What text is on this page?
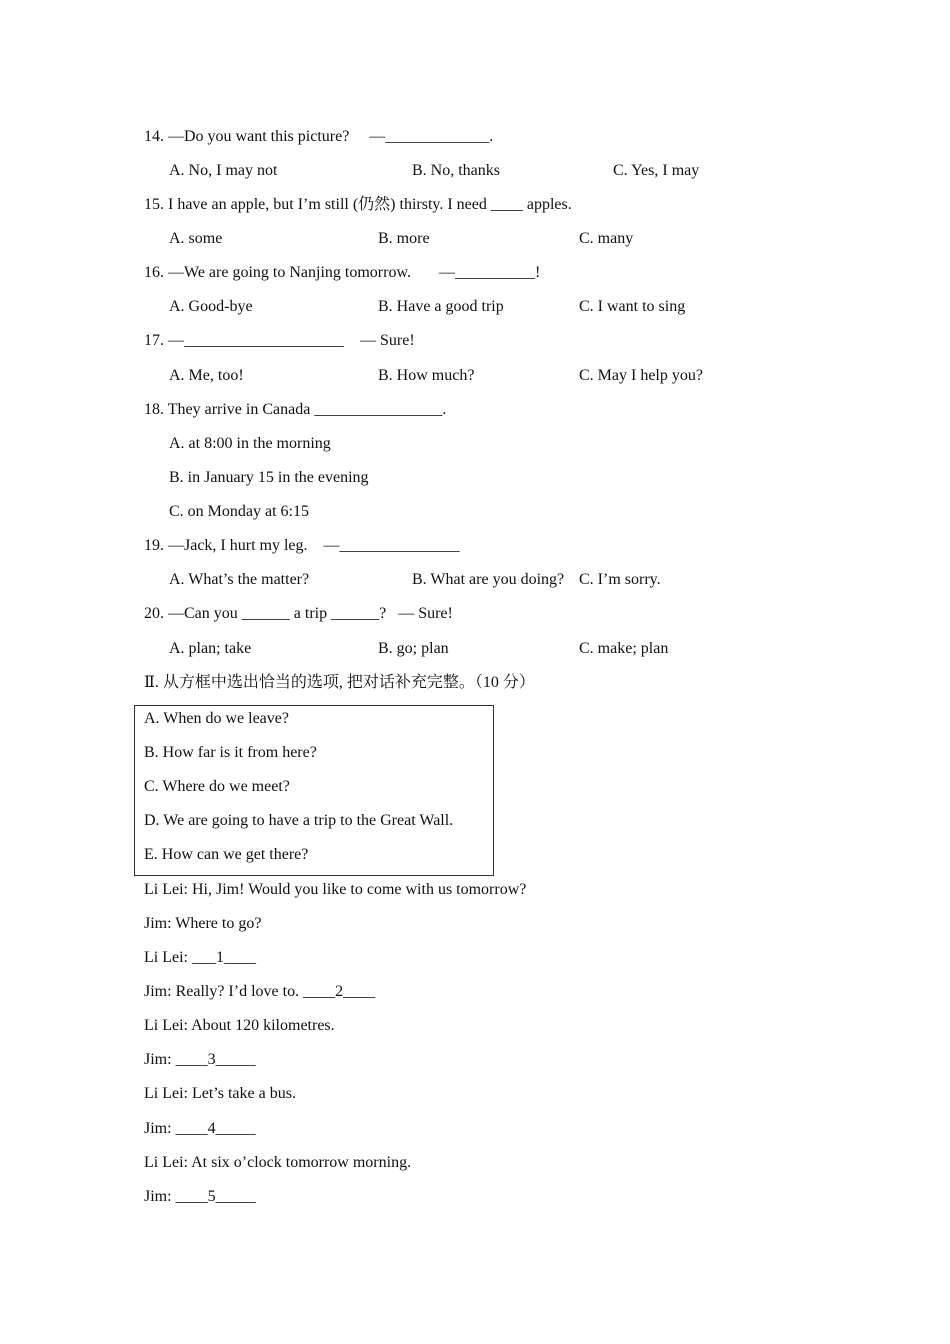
14. —Do you want this picture?     —_____________.
A. No, I may not	B. No, thanks	C. Yes, I may
15. I have an apple, but I’m still (仍然) thirsty. I need ____ apples.
A. some	B. more	C. many
16. —We are going to Nanjing tomorrow.       —__________!
A. Good-bye	B. Have a good trip	C. I want to sing
17. —____________________    — Sure!
A. Me, too!	B. How much?	C. May I help you?
18. They arrive in Canada ________________.
A. at 8:00 in the morning
B. in January 15 in the evening
C. on Monday at 6:15
19. —Jack, I hurt my leg.    —_______________
A. What’s the matter?	B. What are you doing? C. I’m sorry.
20. —Can you ______ a trip ______?   — Sure!
A. plan; take	B. go; plan	C. make; plan
Ⅱ. 从方框中选出恰当的选项, 把对话补充完整。（10 分）
A. When do we leave?
B. How far is it from here?
C. Where do we meet?
D. We are going to have a trip to the Great Wall.
E. How can we get there?
Li Lei: Hi, Jim! Would you like to come with us tomorrow?
Jim: Where to go?
Li Lei: ___1____
Jim: Really? I’d love to. ____2____
Li Lei: About 120 kilometres.
Jim: ____3_____
Li Lei: Let’s take a bus.
Jim: ____4_____
Li Lei: At six o’clock tomorrow morning.
Jim: ____5_____
